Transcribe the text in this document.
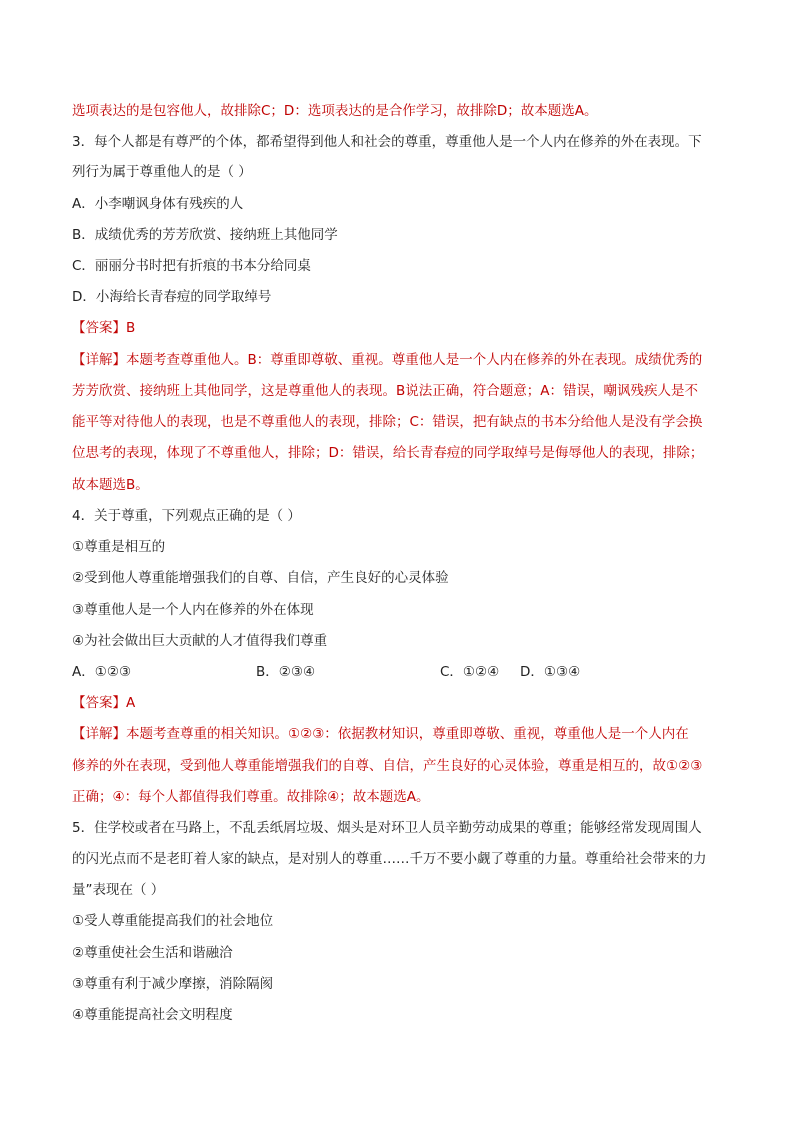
选项表达的是包容他人，故排除C；D：选项表达的是合作学习，故排除D；故本题选A。
3．每个人都是有尊严的个体，都希望得到他人和社会的尊重，尊重他人是一个人内在修养的外在表现。下
列行为属于尊重他人的是（ ）
A．小李嘲讽身体有残疾的人
B．成绩优秀的芳芳欣赏、接纳班上其他同学
C．丽丽分书时把有折痕的书本分给同桌
D．小海给长青春痘的同学取绰号
【答案】B
【详解】本题考查尊重他人。B：尊重即尊敬、重视。尊重他人是一个人内在修养的外在表现。成绩优秀的
芳芳欣赏、接纳班上其他同学，这是尊重他人的表现。B说法正确，符合题意；A：错误，嘲讽残疾人是不
能平等对待他人的表现，也是不尊重他人的表现，排除；C：错误，把有缺点的书本分给他人是没有学会换
位思考的表现，体现了不尊重他人，排除；D：错误，给长青春痘的同学取绰号是侮辱他人的表现，排除；
故本题选B。
4．关于尊重，下列观点正确的是（ ）
①尊重是相互的
②受到他人尊重能增强我们的自尊、自信，产生良好的心灵体验
③尊重他人是一个人内在修养的外在体现
④为社会做出巨大贡献的人才值得我们尊重
A．①②③	B．②③④	C．①②④	D．①③④
【答案】A
【详解】本题考查尊重的相关知识。①②③：依据教材知识，尊重即尊敬、重视，尊重他人是一个人内在
修养的外在表现，受到他人尊重能增强我们的自尊、自信，产生良好的心灵体验，尊重是相互的，故①②③
正确；④：每个人都值得我们尊重。故排除④；故本题选A。
5．住学校或者在马路上，不乱丢纸屑垃圾、烟头是对环卫人员辛勤劳动成果的尊重；能够经常发现周围人
的闪光点而不是老盯着人家的缺点，是对别人的尊重……千万不要小觑了尊重的力量。尊重给社会带来的力
量”表现在（ ）
①受人尊重能提高我们的社会地位
②尊重使社会生活和谐融洽
③尊重有利于减少摩擦，消除隔阂
④尊重能提高社会文明程度
